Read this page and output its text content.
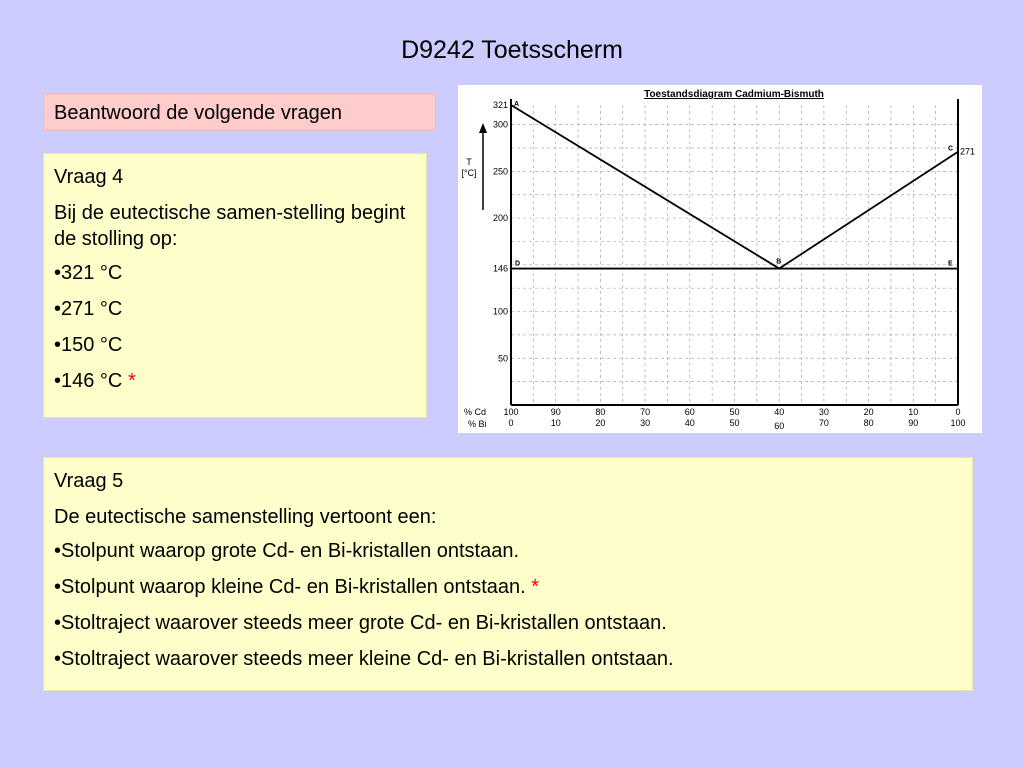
D9242 Toetsscherm
Beantwoord de volgende vragen

Vraag 4

Bij de eutectische samen-stelling begint de stolling op:

•321 °C

•271 °C

•150 °C

•146 °C *

Toestandsdiagram Cadmium-Bismuth
50
100
146
200
250
300
321
271
T
[°C]
100	90	80	70	60	50	40	30	20	10	0
0	10	20	30	40	50	60	70	80	90	100
% Cd
% Bi
A
B
C
D	E

Vraag 5

De eutectische samenstelling vertoont een:

•Stolpunt waarop grote Cd- en Bi-kristallen ontstaan.

•Stolpunt waarop kleine Cd- en Bi-kristallen ontstaan. *

•Stoltraject waarover steeds meer grote Cd- en Bi-kristallen ontstaan.

•Stoltraject waarover steeds meer kleine Cd- en Bi-kristallen ontstaan.
